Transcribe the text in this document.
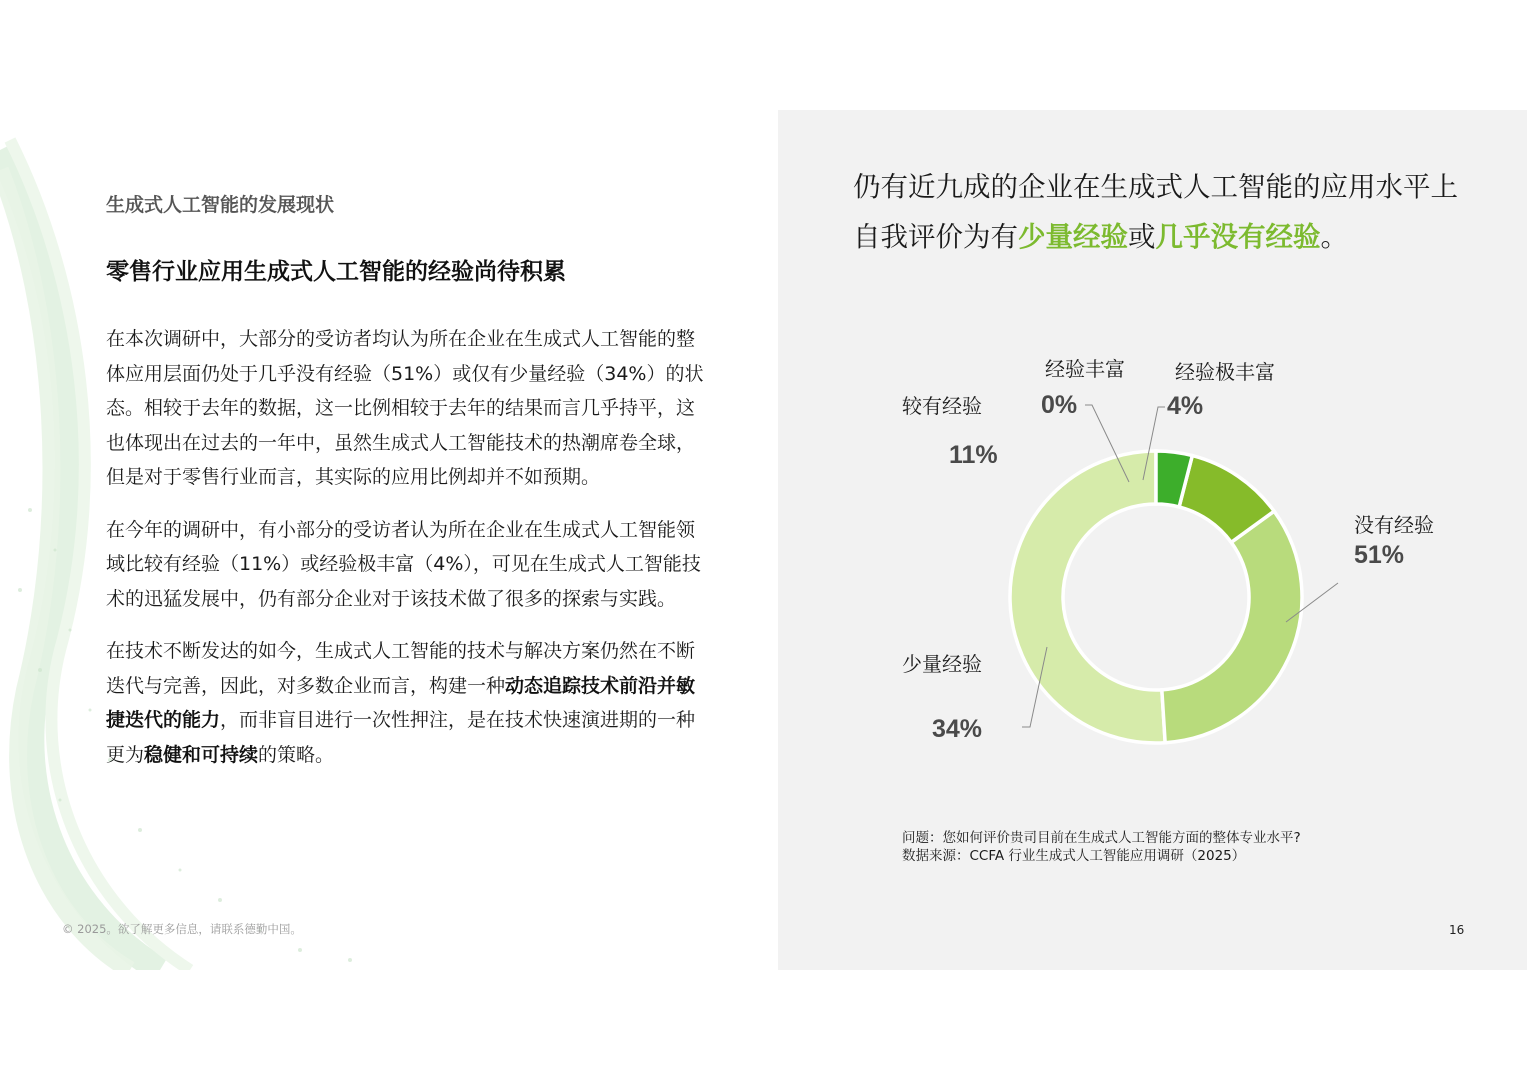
生成式人工智能的发展现状

零售行业应用生成式人工智能的经验尚待积累

在本次调研中，大部分的受访者均认为所在企业在生成式人工智能的整体应用层面仍处于几乎没有经验（51%）或仅有少量经验（34%）的状态。相较于去年的数据，这一比例相较于去年的结果而言几乎持平，这也体现出在过去的一年中，虽然生成式人工智能技术的热潮席卷全球，但是对于零售行业而言，其实际的应用比例却并不如预期。

在今年的调研中，有小部分的受访者认为所在企业在生成式人工智能领域比较有经验（11%）或经验极丰富（4%），可见在生成式人工智能技术的迅猛发展中，仍有部分企业对于该技术做了很多的探索与实践。

在技术不断发达的如今，生成式人工智能的技术与解决方案仍然在不断迭代与完善，因此，对多数企业而言，构建一种动态追踪技术前沿并敏捷迭代的能力，而非盲目进行一次性押注，是在技术快速演进期的一种更为稳健和可持续的策略。

© 2025。欲了解更多信息，请联系德勤中国。

仍有近九成的企业在生成式人工智能的应用水平上自我评价为有少量经验或几乎没有经验。

没有经验
51%
少量经验
34%
较有经验
11%
经验丰富
0%
经验极丰富
4%
问题：您如何评价贵司目前在生成式人工智能方面的整体专业水平?
数据来源：CCFA 行业生成式人工智能应用调研（2025）
16
